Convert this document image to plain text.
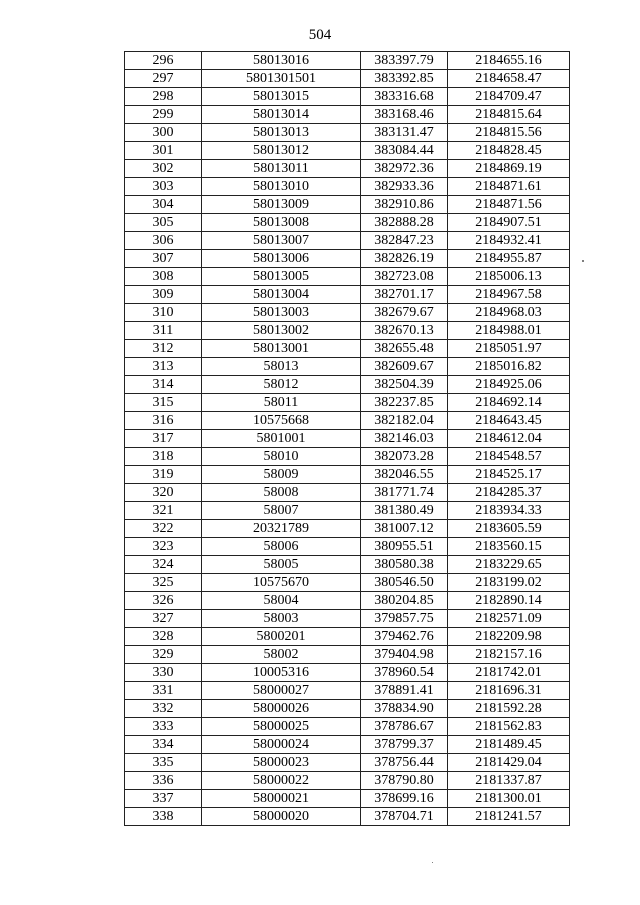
504
296	58013016	383397.79	2184655.16
297	5801301501	383392.85	2184658.47
298	58013015	383316.68	2184709.47
299	58013014	383168.46	2184815.64
300	58013013	383131.47	2184815.56
301	58013012	383084.44	2184828.45
302	58013011	382972.36	2184869.19
303	58013010	382933.36	2184871.61
304	58013009	382910.86	2184871.56
305	58013008	382888.28	2184907.51
306	58013007	382847.23	2184932.41
307	58013006	382826.19	2184955.87
308	58013005	382723.08	2185006.13
309	58013004	382701.17	2184967.58
310	58013003	382679.67	2184968.03
311	58013002	382670.13	2184988.01
312	58013001	382655.48	2185051.97
313	58013	382609.67	2185016.82
314	58012	382504.39	2184925.06
315	58011	382237.85	2184692.14
316	10575668	382182.04	2184643.45
317	5801001	382146.03	2184612.04
318	58010	382073.28	2184548.57
319	58009	382046.55	2184525.17
320	58008	381771.74	2184285.37
321	58007	381380.49	2183934.33
322	20321789	381007.12	2183605.59
323	58006	380955.51	2183560.15
324	58005	380580.38	2183229.65
325	10575670	380546.50	2183199.02
326	58004	380204.85	2182890.14
327	58003	379857.75	2182571.09
328	5800201	379462.76	2182209.98
329	58002	379404.98	2182157.16
330	10005316	378960.54	2181742.01
331	58000027	378891.41	2181696.31
332	58000026	378834.90	2181592.28
333	58000025	378786.67	2181562.83
334	58000024	378799.37	2181489.45
335	58000023	378756.44	2181429.04
336	58000022	378790.80	2181337.87
337	58000021	378699.16	2181300.01
338	58000020	378704.71	2181241.57
